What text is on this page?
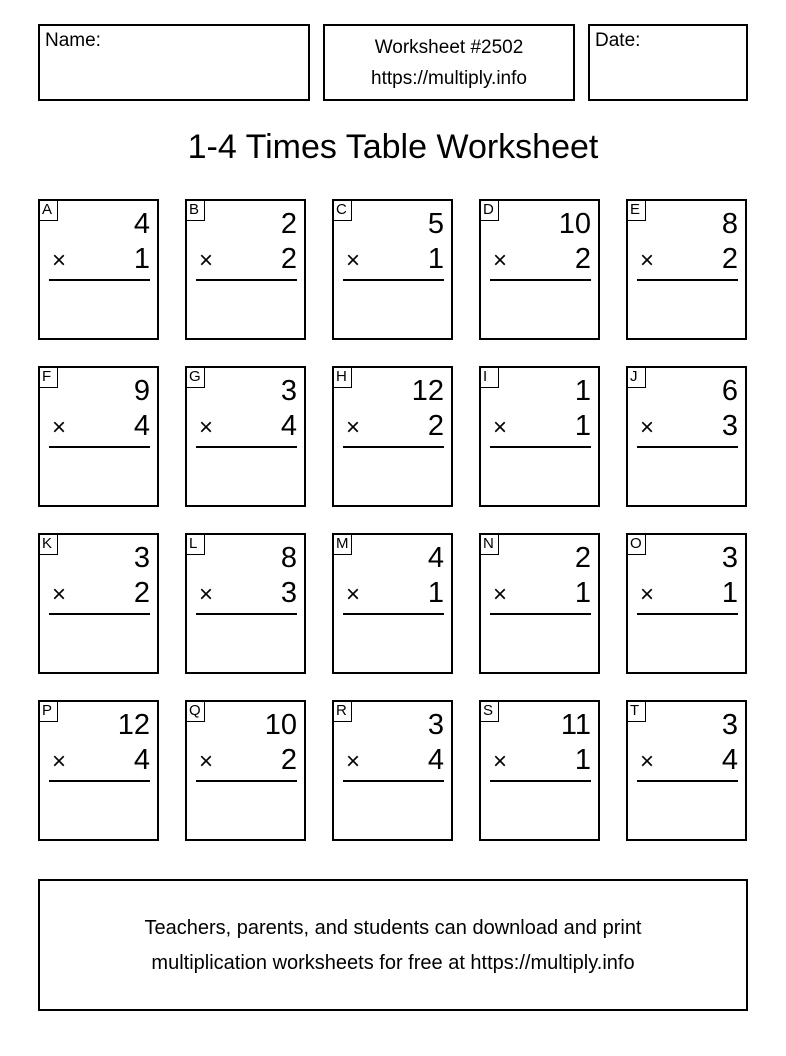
Name:	Worksheet #2502
https://multiply.info
Date:
1-4 Times Table Worksheet
A	4
× 1
B	2
× 2
C	5
× 1
D 10
× 2
E	8
× 2
F	9
× 4
G	3
× 4
H 12
× 2
I	1
× 1
J	6
× 3
K	3
× 2
L	8
× 3
M	4
× 1
N	2
× 1
O	3
× 1
P 12
× 4
Q 10
× 2
R	3
× 4
S 11
× 1
T	3
× 4
Teachers, parents, and students can download and print
multiplication worksheets for free at https://multiply.info
